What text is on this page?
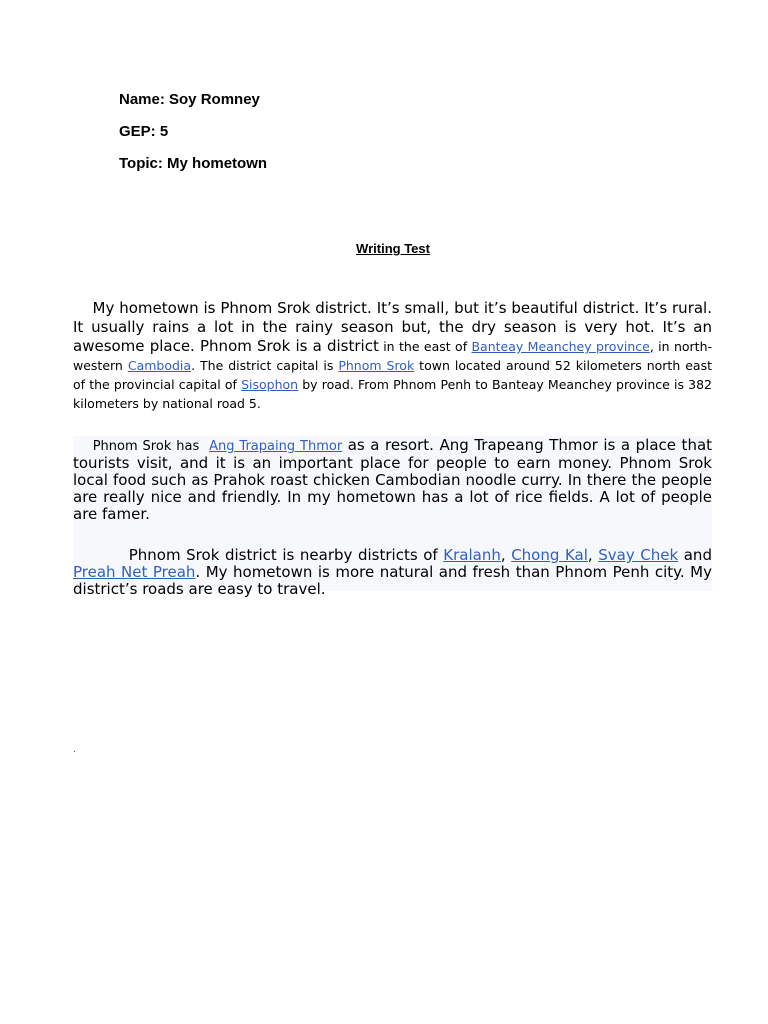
Name: Soy Romney
GEP: 5
Topic: My hometown
Writing Test
My hometown is Phnom Srok district. It’s small, but it’s beautiful district. It’s rural. It usually rains a lot in the rainy season but, the dry season is very hot. It’s an awesome place. Phnom Srok is a district in the east of Banteay Meanchey province, in north-western Cambodia. The district capital is Phnom Srok town located around 52 kilometers north east of the provincial capital of Sisophon by road. From Phnom Penh to Banteay Meanchey province is 382 kilometers by national road 5.
Phnom Srok has  Ang Trapaing Thmor as a resort. Ang Trapeang Thmor is a place that tourists visit, and it is an important place for people to earn money. Phnom Srok local food such as Prahok roast chicken Cambodian noodle curry. In there the people are really nice and friendly. In my hometown has a lot of rice fields. A lot of people are famer.
Phnom Srok district is nearby districts of Kralanh, Chong Kal, Svay Chek and Preah Net Preah. My hometown is more natural and fresh than Phnom Penh city. My district’s roads are easy to travel.
.
